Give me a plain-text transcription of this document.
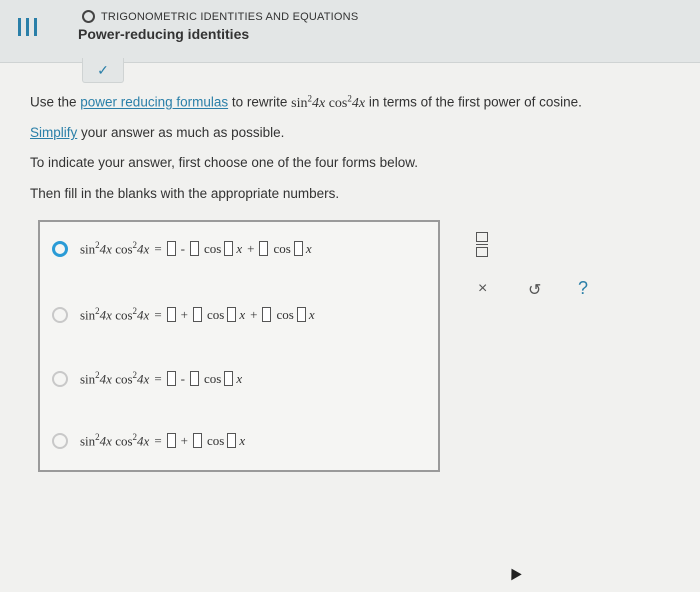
TRIGONOMETRIC IDENTITIES AND EQUATIONS
Power-reducing identities
✓
Use the power reducing formulas to rewrite $\sin^24x$ $\cos^24x$ in terms of the first power of cosine.
Simplify your answer as much as possible.
To indicate your answer, first choose one of the four forms below.
Then fill in the blanks with the appropriate numbers.
$\sin^24x$ $\cos^24x$ = - cos x + cos x
$\sin^24x$ $\cos^24x$ = + cos x + cos x
$\sin^24x$ $\cos^24x$ = - cos x
$\sin^24x$ $\cos^24x$ = + cos x
×	↺ ?
